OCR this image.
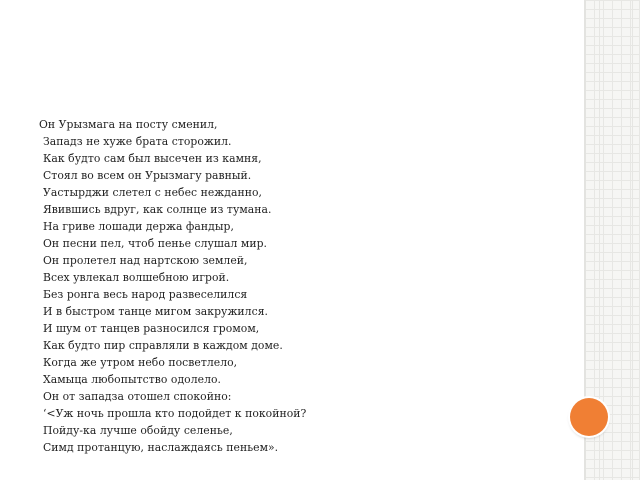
Он Урызмага на посту сменил,
Западз не хуже брата сторожил.
Как будто сам был высечен из камня,
Стоял во всем он Урызмагу равный.
Уастырджи слетел с небес нежданно,
Явившись вдруг, как солнце из тумана.
На гриве лошади держа фандыр,
Он песни пел, чтоб пенье слушал мир.
Он пролетел над нартскою землей,
Всех увлекал волшебною игрой.
Без ронга весь народ развеселился
И в быстром танце мигом закружился.
И шум от танцев разносился громом,
Как будто пир справляли в каждом доме.
Когда же утром небо посветлело,
Хамыца любопытство одолело.
Он от западза отошел спокойно:
‘<Уж ночь прошла кто подойдет к покойной?
Пойду-ка лучше обойду селенье,
Симд протанцую, наслаждаясь пеньем».
